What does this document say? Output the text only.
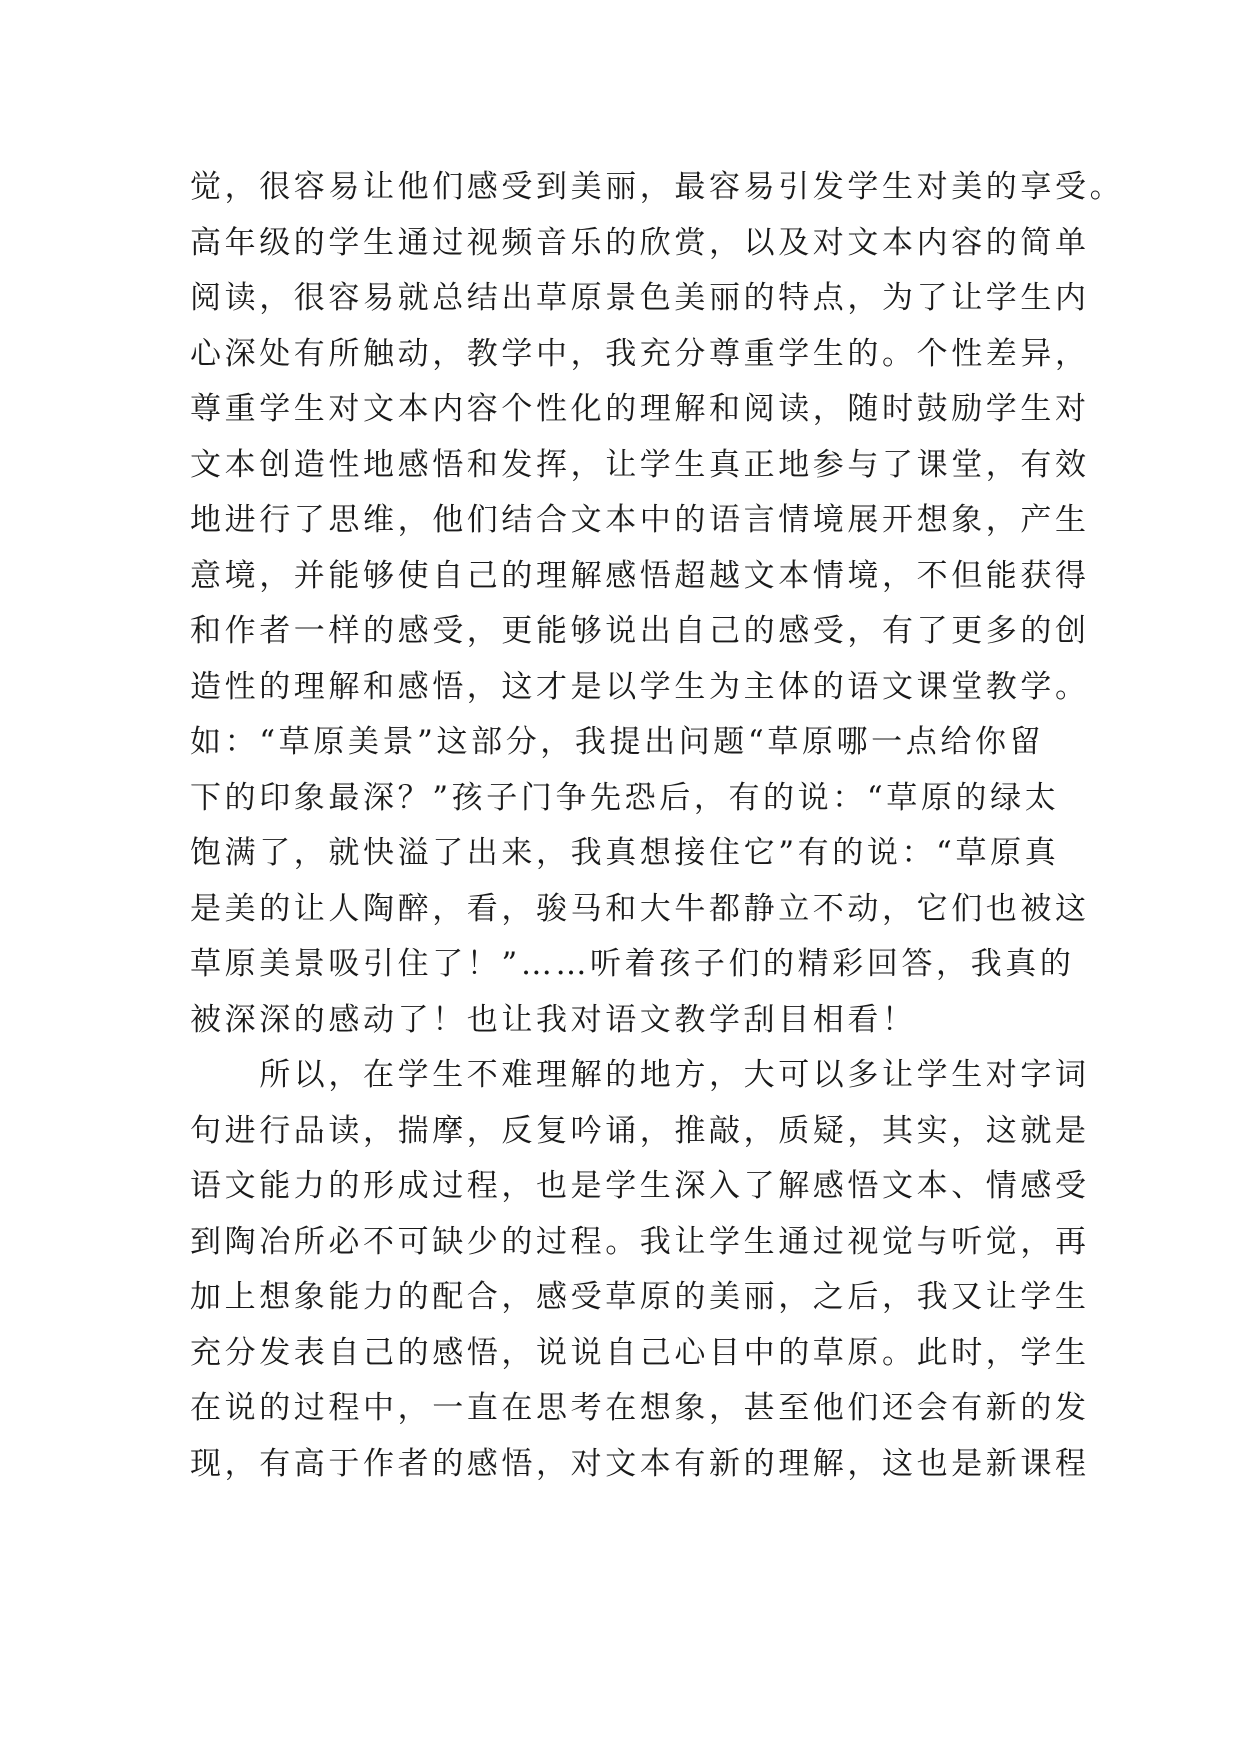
觉，很容易让他们感受到美丽，最容易引发学生对美的享受。
高年级的学生通过视频音乐的欣赏，以及对文本内容的简单
阅读，很容易就总结出草原景色美丽的特点，为了让学生内
心深处有所触动，教学中，我充分尊重学生的。个性差异，
尊重学生对文本内容个性化的理解和阅读，随时鼓励学生对
文本创造性地感悟和发挥，让学生真正地参与了课堂，有效
地进行了思维，他们结合文本中的语言情境展开想象，产生
意境，并能够使自己的理解感悟超越文本情境，不但能获得
和作者一样的感受，更能够说出自己的感受，有了更多的创
造性的理解和感悟，这才是以学生为主体的语文课堂教学。
如：“草原美景”这部分，我提出问题“草原哪一点给你留
下的印象最深？”孩子门争先恐后，有的说：“草原的绿太
饱满了，就快溢了出来，我真想接住它”有的说：“草原真
是美的让人陶醉，看，骏马和大牛都静立不动，它们也被这
草原美景吸引住了！”……听着孩子们的精彩回答，我真的
被深深的感动了！也让我对语文教学刮目相看！
　　所以，在学生不难理解的地方，大可以多让学生对字词
句进行品读，揣摩，反复吟诵，推敲，质疑，其实，这就是
语文能力的形成过程，也是学生深入了解感悟文本、情感受
到陶冶所必不可缺少的过程。我让学生通过视觉与听觉，再
加上想象能力的配合，感受草原的美丽，之后，我又让学生
充分发表自己的感悟，说说自己心目中的草原。此时，学生
在说的过程中，一直在思考在想象，甚至他们还会有新的发
现，有高于作者的感悟，对文本有新的理解，这也是新课程
